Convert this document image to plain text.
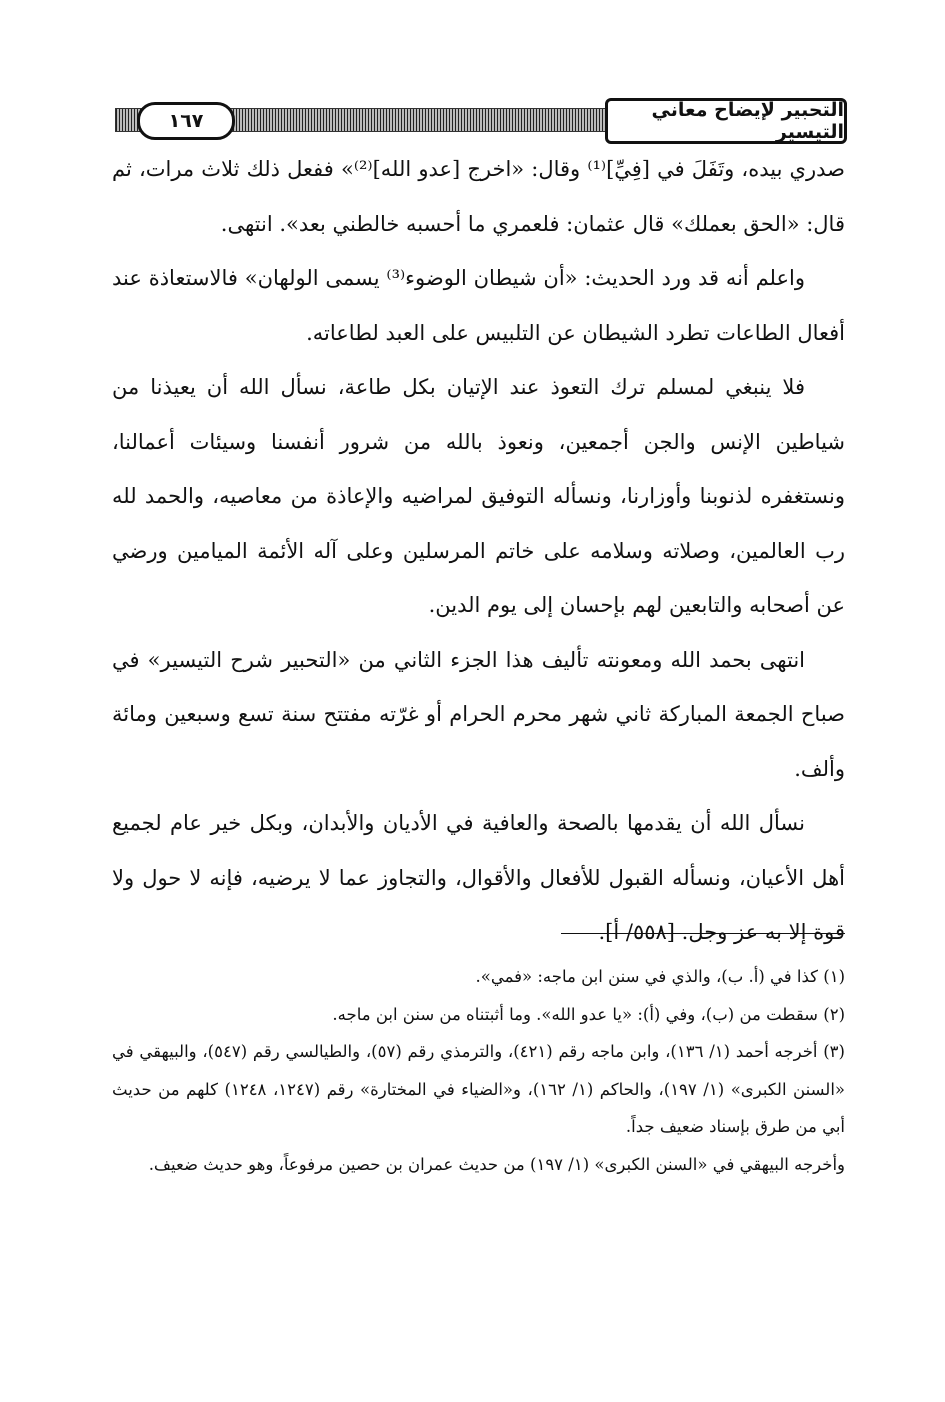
١٦٧	التحبير لإيضاح معاني التيسير

صدري بيده، وتَفَلَ في [فِيِّ]⁽¹⁾ وقال: «اخرج [عدو الله]⁽²⁾» ففعل ذلك ثلاث مرات، ثم قال: «الحق بعملك» قال عثمان: فلعمري ما أحسبه خالطني بعد». انتهى.

واعلم أنه قد ورد الحديث: «أن شيطان الوضوء⁽³⁾ يسمى الولهان» فالاستعاذة عند أفعال الطاعات تطرد الشيطان عن التلبيس على العبد لطاعاته.

فلا ينبغي لمسلم ترك التعوذ عند الإتيان بكل طاعة، نسأل الله أن يعيذنا من شياطين الإنس والجن أجمعين، ونعوذ بالله من شرور أنفسنا وسيئات أعمالنا، ونستغفره لذنوبنا وأوزارنا، ونسأله التوفيق لمراضيه والإعاذة من معاصيه، والحمد لله رب العالمين، وصلاته وسلامه على خاتم المرسلين وعلى آله الأئمة الميامين ورضي عن أصحابه والتابعين لهم بإحسان إلى يوم الدين.

انتهى بحمد الله ومعونته تأليف هذا الجزء الثاني من «التحبير شرح التيسير» في صباح الجمعة المباركة ثاني شهر محرم الحرام أو غرّته مفتتح سنة تسع وسبعين ومائة وألف.

نسأل الله أن يقدمها بالصحة والعافية في الأديان والأبدان، وبكل خير عام لجميع أهل الأعيان، ونسأله القبول للأفعال والأقوال، والتجاوز عما لا يرضيه، فإنه لا حول ولا قوة إلا به عز وجل. [٥٥٨/ أ].

(١) كذا في (أ. ب)، والذي في سنن ابن ماجه: «فمي».

(٢) سقطت من (ب)، وفي (أ): «يا عدو الله». وما أثبتناه من سنن ابن ماجه.

(٣) أخرجه أحمد (١/ ١٣٦)، وابن ماجه رقم (٤٢١)، والترمذي رقم (٥٧)، والطيالسي رقم (٥٤٧)، والبيهقي في «السنن الكبرى» (١/ ١٩٧)، والحاكم (١/ ١٦٢)، و«الضياء في المختارة» رقم (١٢٤٧، ١٢٤٨) كلهم من حديث أبي من طرق بإسناد ضعيف جداً.

وأخرجه البيهقي في «السنن الكبرى» (١/ ١٩٧) من حديث عمران بن حصين مرفوعاً، وهو حديث ضعيف.
